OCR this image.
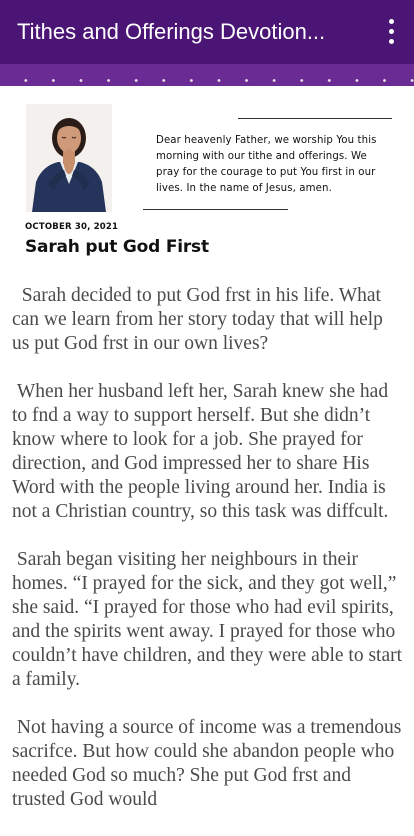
Tithes and Offerings Devotion...
Dear heavenly Father, we worship You this morning with our tithe and offerings. We pray for the courage to put You first in our lives. In the name of Jesus, amen.
OCTOBER 30, 2021
Sarah put God First

Sarah decided to put God frst in his life. What can we learn from her story today that will help us put God frst in our own lives?

When her husband left her, Sarah knew she had to fnd a way to support herself. But she didn’t know where to look for a job. She prayed for direction, and God impressed her to share His Word with the people living around her. India is not a Christian country, so this task was diffcult.

Sarah began visiting her neighbours in their homes. “I prayed for the sick, and they got well,” she said. “I prayed for those who had evil spirits, and the spirits went away. I prayed for those who couldn’t have children, and they were able to start a family.

Not having a source of income was a tremendous sacrifce. But how could she abandon people who needed God so much? She put God frst and trusted God would
